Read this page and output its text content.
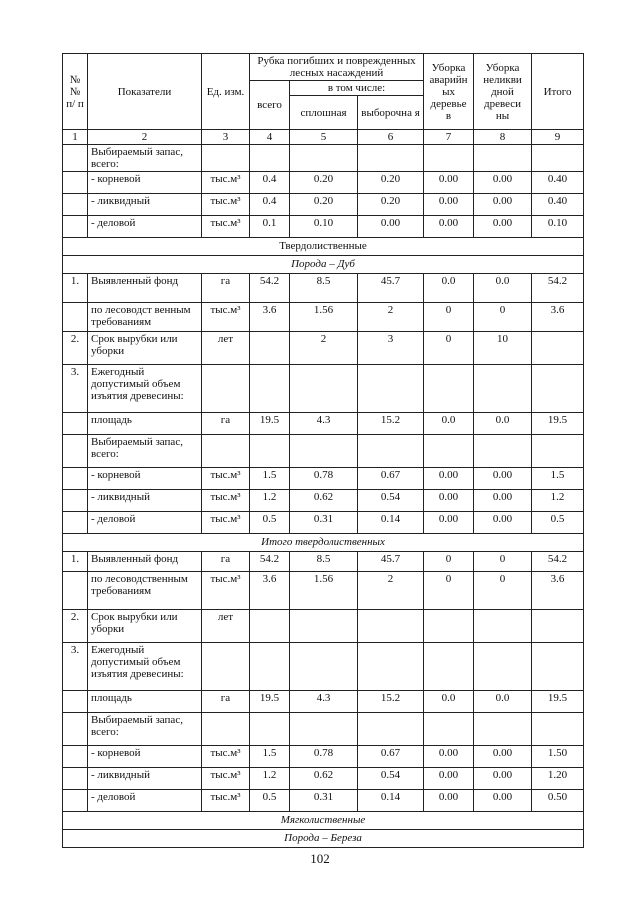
№ № п/ п	Показатели	Ед. изм.	Рубка погибших и поврежденных лесных насаждений			Уборка аварийн ых деревье в	Уборка неликви дной древеси ны	Итого
			всего	в том числе:				
				сплошная	выборочна я			
1	2	3	4	5	6	7	8	9
	Выбираемый запас, всего:							
	- корневой	тыс.м³	0.4	0.20	0.20	0.00	0.00	0.40
	- ликвидный	тыс.м³	0.4	0.20	0.20	0.00	0.00	0.40
	- деловой	тыс.м³	0.1	0.10	0.00	0.00	0.00	0.10
Твердолиственные								
Порода – Дуб								
1.	Выявленный фонд	га	54.2	8.5	45.7	0.0	0.0	54.2
	по лесоводст венным требованиям	тыс.м³	3.6	1.56	2	0	0	3.6
2.	Срок вырубки или уборки	лет		2	3	0	10	
3.	Ежегодный допустимый объем изъятия древесины:							
	площадь	га	19.5	4.3	15.2	0.0	0.0	19.5
	Выбираемый запас, всего:							
	- корневой	тыс.м³	1.5	0.78	0.67	0.00	0.00	1.5
	- ликвидный	тыс.м³	1.2	0.62	0.54	0.00	0.00	1.2
	- деловой	тыс.м³	0.5	0.31	0.14	0.00	0.00	0.5
Итого твердолиственных								
1.	Выявленный фонд	га	54.2	8.5	45.7	0	0	54.2
	по лесоводственным требованиям	тыс.м³	3.6	1.56	2	0	0	3.6
2.	Срок вырубки или уборки	лет						
3.	Ежегодный допустимый объем изъятия древесины:							
	площадь	га	19.5	4.3	15.2	0.0	0.0	19.5
	Выбираемый запас, всего:							
	- корневой	тыс.м³	1.5	0.78	0.67	0.00	0.00	1.50
	- ликвидный	тыс.м³	1.2	0.62	0.54	0.00	0.00	1.20
	- деловой	тыс.м³	0.5	0.31	0.14	0.00	0.00	0.50
Мягколиственные								
Порода – Береза								
102
